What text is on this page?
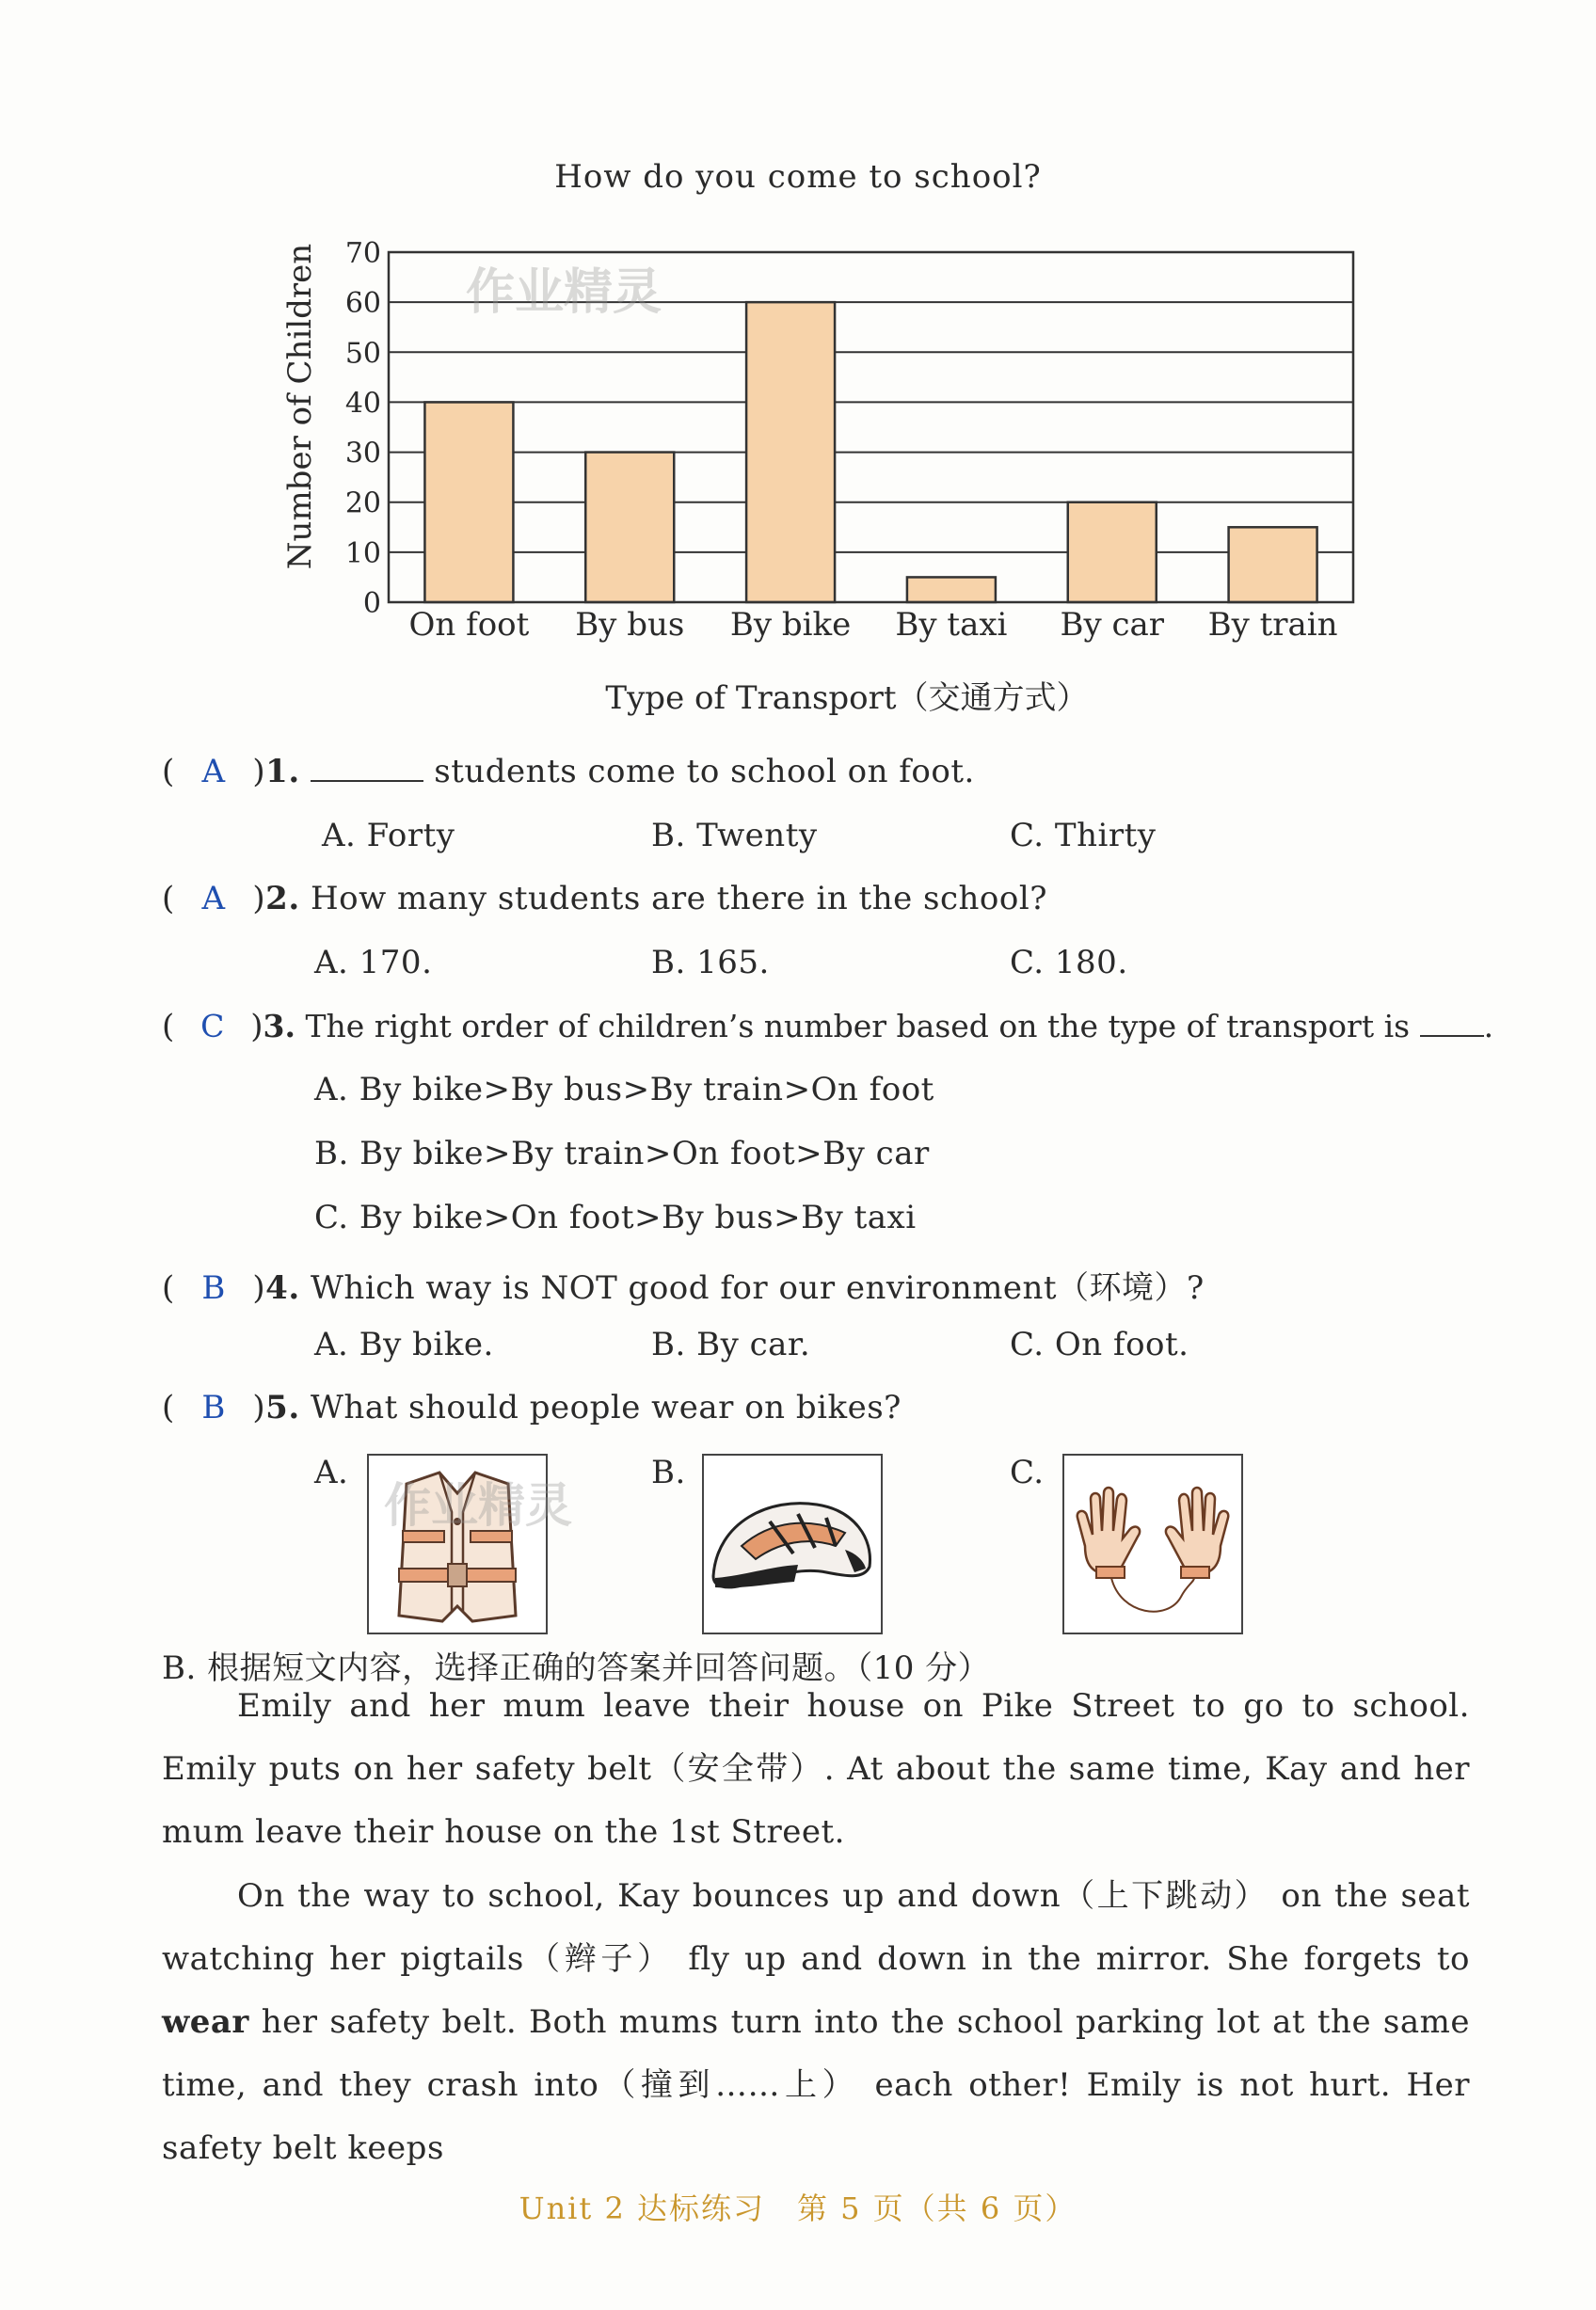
How do you come to school?
0
10
20
30
40
50
60
70
On foot By bus By bike By taxi By car By train
Number of Children
Type of Transport（交通方式）
作业精灵
( A )1.	students come to school on foot.
A. Forty	B. Twenty	C. Thirty
( A )2. How many students are there in the school?
A. 170.	B. 165.	C. 180.
( C )3. The right order of children’s number based on the type of transport is .
A. By bike>By bus>By train>On foot
B. By bike>By train>On foot>By car
C. By bike>On foot>By bus>By taxi
( B )4. Which way is NOT good for our environment（环境）?
A. By bike.	B. By car.	C. On foot.
( B )5. What should people wear on bikes?
A.	B.	C.
作业精灵
B. 根据短文内容，选择正确的答案并回答问题。（10 分）
Emily and her mum leave their house on Pike Street to go to school. Emily puts on her safety belt（安全带）. At about the same time, Kay and her mum leave their house on the 1st Street.
On the way to school, Kay bounces up and down（上下跳动） on the seat watching her pigtails（辫子） fly up and down in the mirror. She forgets to wear her safety belt. Both mums turn into the school parking lot at the same time, and they crash into（撞到……上） each other! Emily is not hurt. Her safety belt keeps
Unit 2 达标练习　第 5 页（共 6 页）
